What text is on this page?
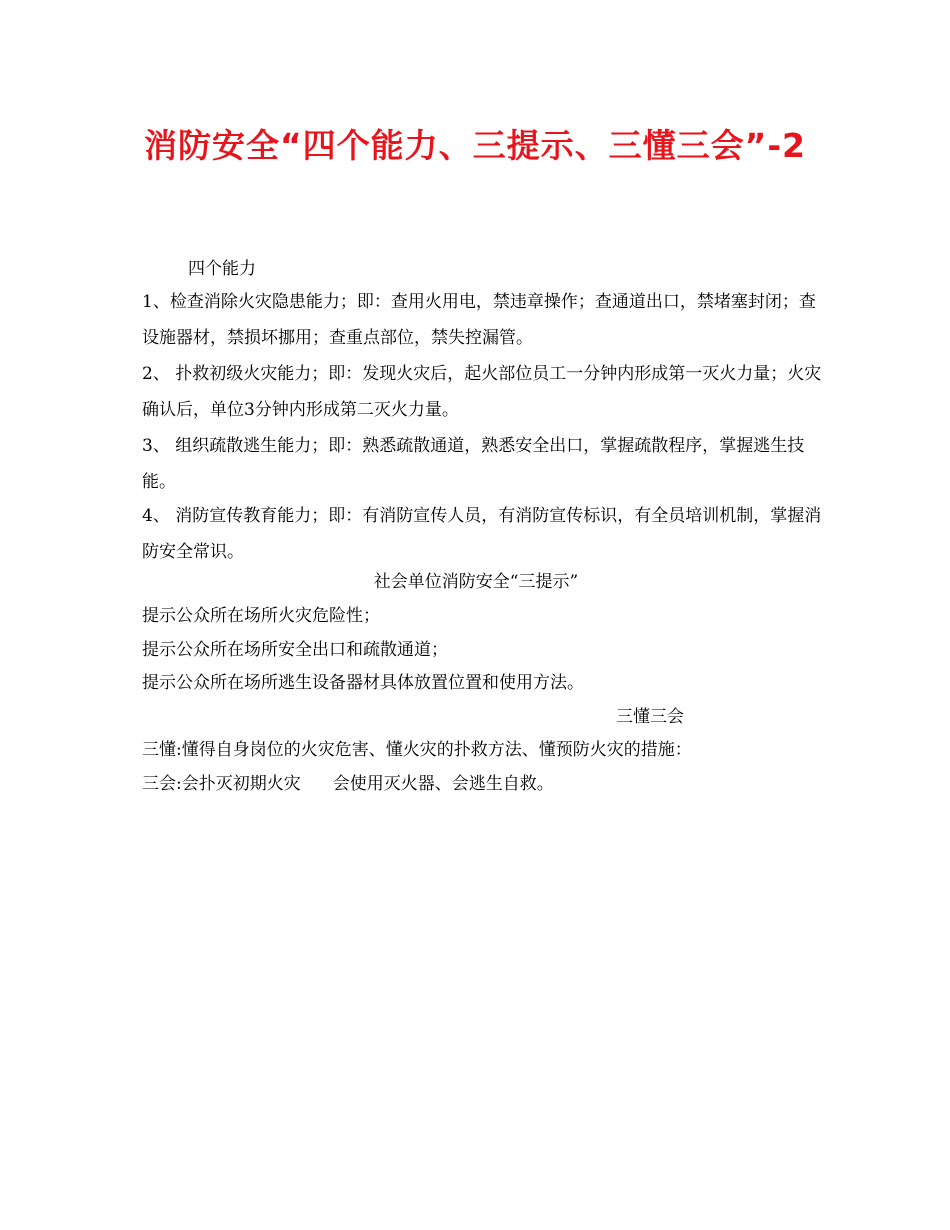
消防安全“四个能力、三提示、三懂三会”-2
四个能力
1、检查消除火灾隐患能力；即：查用火用电，禁违章操作；查通道出口，禁堵塞封闭；查设施器材，禁损坏挪用；查重点部位，禁失控漏管。
2、 扑救初级火灾能力；即：发现火灾后，起火部位员工一分钟内形成第一灭火力量；火灾确认后，单位3分钟内形成第二灭火力量。
3、 组织疏散逃生能力；即：熟悉疏散通道，熟悉安全出口，掌握疏散程序，掌握逃生技能。
4、 消防宣传教育能力；即：有消防宣传人员，有消防宣传标识，有全员培训机制，掌握消防安全常识。
社会单位消防安全“三提示”
提示公众所在场所火灾危险性；
提示公众所在场所安全出口和疏散通道；
提示公众所在场所逃生设备器材具体放置位置和使用方法。
三懂三会
三懂:懂得自身岗位的火灾危害、懂火灾的扑救方法、懂预防火灾的措施：
三会:会扑灭初期火灾 会使用灭火器、会逃生自救。
